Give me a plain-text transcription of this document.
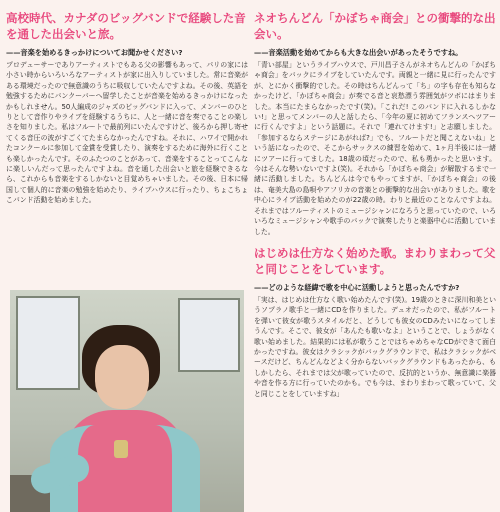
高校時代、カナダのビッグバンドで経験した音を通した出会いと旅。
——音楽を始めるきっかけについてお聞かせください?
プロデューサーでありアーティストでもある父の影響もあって、パリの家には小さい時からいろいろなアーティストが家に出入りしていました。常に音楽がある環境だったので無意識のうちに吸収していたんですよね。その後、英語を勉強するためにバンクーバーへ留学したことが音楽を始めるきっかけになったかもしれません。50人編成のジャズのビッグバンドに入って、メンバーのひとりとして音作りやライブを経験するうちに、人と一緒に音を奏でることの楽しさを知りました。私はフルートで最前列にいたんですけど、後ろから押し寄せてくる音圧の波がすごくてたまらなかったんですね。それに、ハワイで開かれたコンクールに参加して金賞を受賞したり、演奏をするために海外に行くことも楽しかったんです。そのふたつのことがあって、音楽をすることってこんなに楽しいんだって思ったんですよね。音を通した出会いと旅を経験できるなら、これからも音楽をするしかないと目覚めちゃいました。その後、日本に帰国して個人的に音楽の勉強を始めたり、ライブハウスに行ったり、ちょこちょこバンド活動を始めました。
ネオちんどん「かぼちゃ商会」との衝撃的な出会い。
——音楽活動を始めてからも大きな出会いがあったそうですね。
「青い部屋」というライブハウスで、戸川昌子さんがネオちんどんの「かぼちゃ商会」をバックにライブをしていたんです。両親と一緒に見に行ったんですが、とにかく衝撃的でした。その時はちんどんって「ち」の字も存在も知らなかったけど、「かぼちゃ商会」が奏でる音と哀愁漂う雰囲気がツボにはまりました。本当にたまらなかったです(笑)。「これだ! このバンドに入れるしかない!」と思ってメンバーの人と話したら、「今年の夏に初めてフランスへツアーに行くんですよ」という話題に。それで「連れてけます!」と志願しました。「参加するならステージにあがれば?」でも、フルートだと聞こえないね」という話になったので、そこからサックスの練習を始めて、1ヶ月半後には一緒にツアーに行ってました。18歳の頃だったので、私も勇かったと思います。今はそんな勢いないですよ(笑)。それから「かぼちゃ商会」が解散するまで一緒に活動しました。ちんどんは今でもやってますが、「かぼちゃ商会」の後は、奄美大島の島唄やアフリカの音楽との衝撃的な出会いがありました。歌を中心にライブ活動を始めたのが22歳の時。わりと最近のことなんですよね。それまではフルーティストのミュージシャンになろうと思っていたので、いろいろなミュージシャンや歌手のバックで演奏したりと楽器中心に活動していました。
はじめは仕方なく始めた歌。まわりまわって父と同じことをしています。
——どのような経緯で歌を中心に活動しようと思ったんですか?
「実は、はじめは仕方なく歌い始めたんです(笑)。19歳のときに深川和美というソプラノ歌手と一緒にCDを作りました。デュオだったので、私がフルートを弾いて彼女が歌うスタイルだと、どうしても彼女のCDみたいになってしまうんです。そこで、彼女が「あんたも歌いなよ」ということで、しょうがなく歌い始めました。結果的には私が歌うことではちゃめちゃなCDができて面白かったですね。彼女はクラシックがバックグラウンドで、私はクラシックがベースだけど、ちんどんなどよく分からないバックグラウンドもあったから、もしかしたら、それまでは父が歌っていたので、反抗的というか、無意識に楽器や音を作る方に行っていたのかも。でも今は、まわりまわって歌っていて、父と同じことをしていますね」
